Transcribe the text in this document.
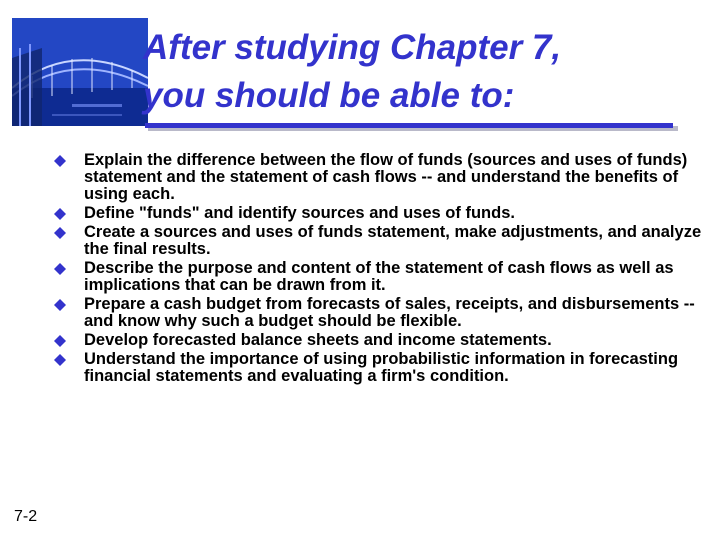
After studying Chapter 7,
you should be able to:
Explain the difference between the flow of funds (sources and uses of funds) statement and the statement of cash flows -- and understand the benefits of using each.
Define "funds" and identify sources and uses of funds.
Create a sources and uses of funds statement, make adjustments, and analyze the final results.
Describe the purpose and content of the statement of cash flows as well as implications that can be drawn from it.
Prepare a cash budget from forecasts of sales, receipts, and disbursements -- and know why such a budget should be flexible.
Develop forecasted balance sheets and income statements.
Understand the importance of using probabilistic information in forecasting financial statements and evaluating a firm's condition.
7-2
